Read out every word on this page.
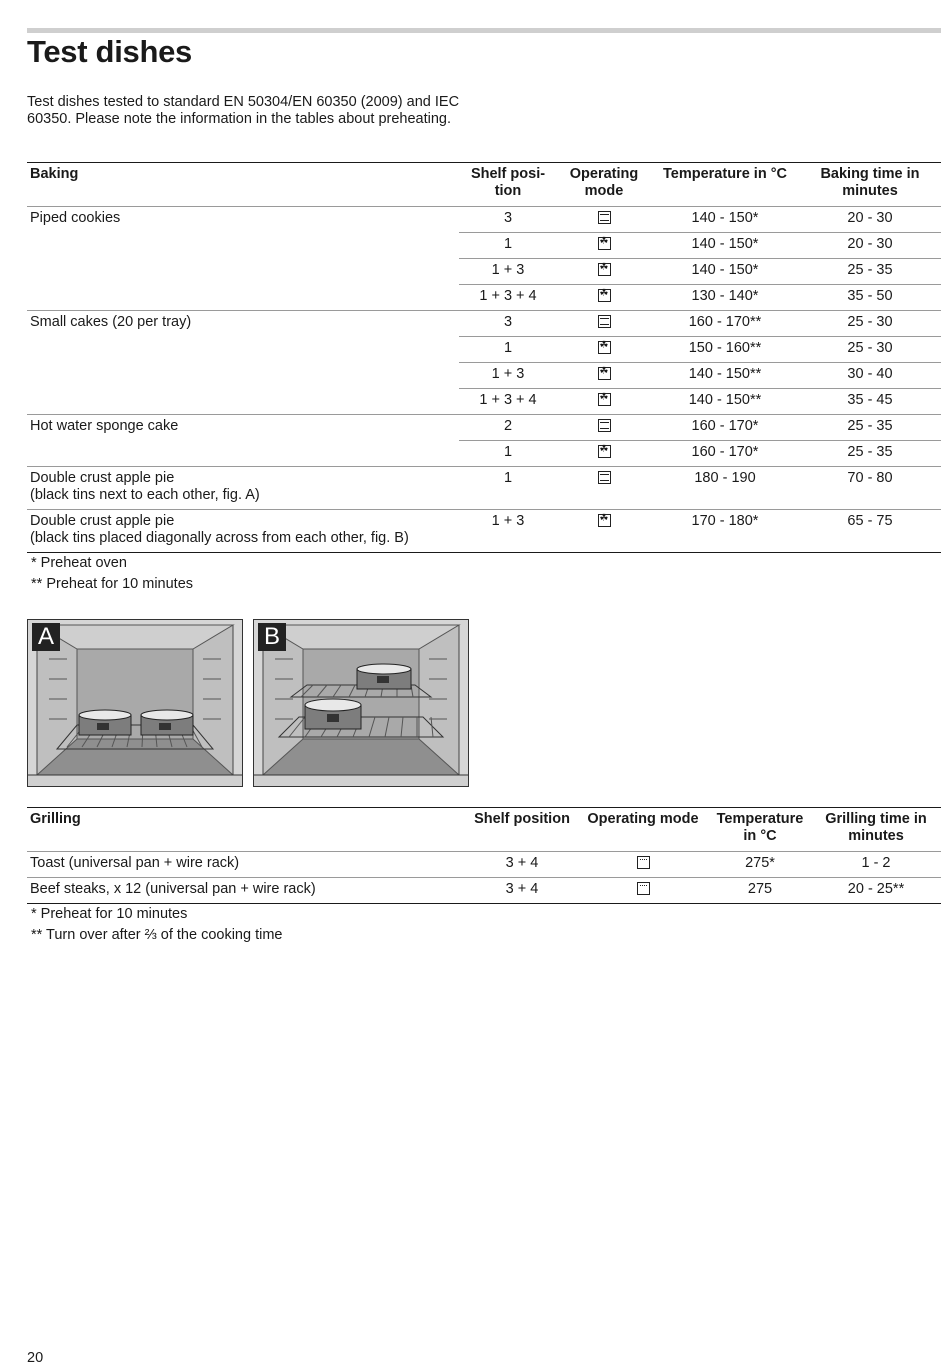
Test dishes
Test dishes tested to standard EN 50304/EN 60350 (2009) and IEC 60350. Please note the information in the tables about preheating.
Baking	Shelf posi- tion	Operating mode	Temperature in °C	Baking time in minutes

Piped cookies	3		140 - 150*	20 - 30
	1	☘	140 - 150*	20 - 30
	1 + 3	☘	140 - 150*	25 - 35
	1 + 3 + 4	☘	130 - 140*	35 - 50

Small cakes (20 per tray)	3		160 - 170**	25 - 30
	1	☘	150 - 160**	25 - 30
	1 + 3	☘	140 - 150**	30 - 40
	1 + 3 + 4	☘	140 - 150**	35 - 45

Hot water sponge cake	2		160 - 170*	25 - 35
	1	☘	160 - 170*	25 - 35

Double crust apple pie
(black tins next to each other, fig. A)	1		180 - 190	70 - 80

Double crust apple pie
(black tins placed diagonally across from each other, fig. B)	1 + 3	☘	170 - 180*	65 - 75
* Preheat oven
** Preheat for 10 minutes
A	B
Grilling	Shelf position	Operating mode	Temperature in °C	Grilling time in minutes
Toast (universal pan + wire rack)	3 + 4		275*	1 - 2
Beef steaks, x 12 (universal pan + wire rack)	3 + 4		275	20 - 25**
* Preheat for 10 minutes
** Turn over after ⅔ of the cooking time
20
